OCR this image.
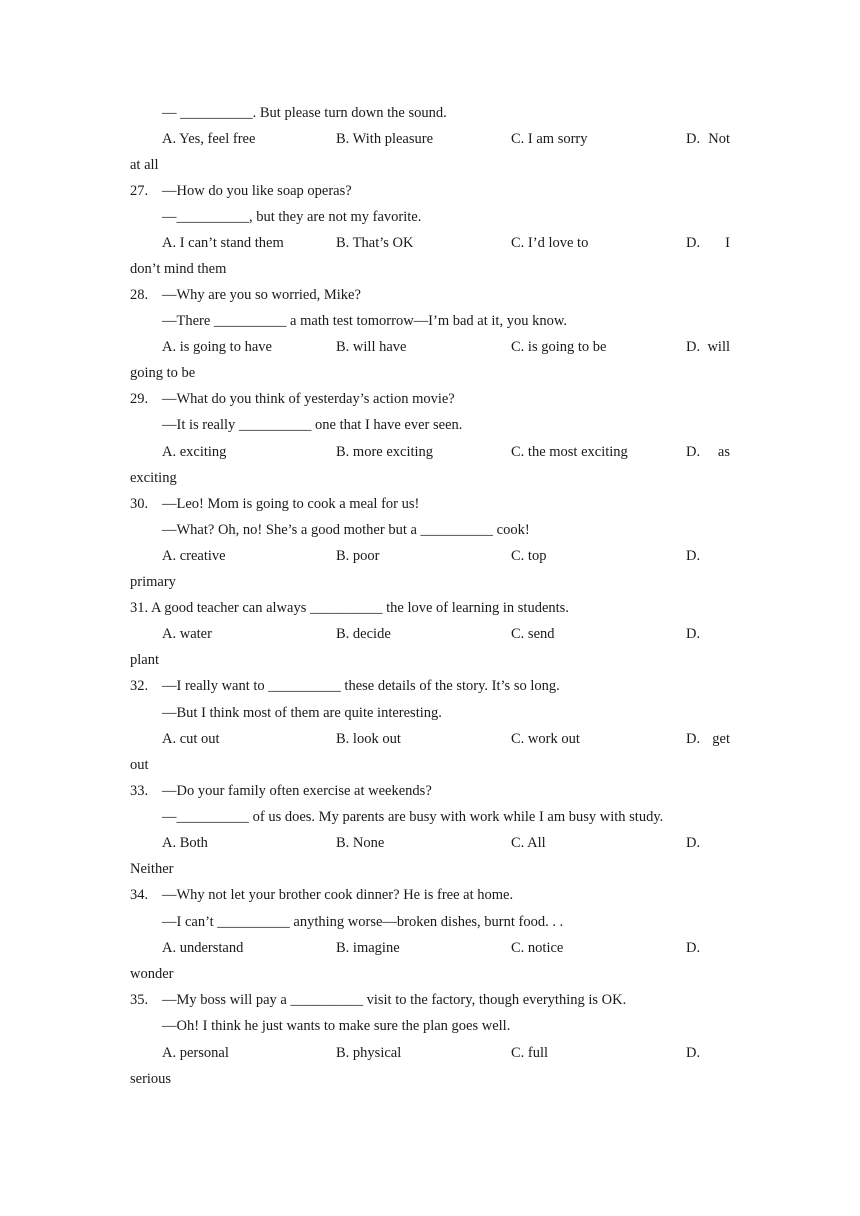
— __________. But please turn down the sound.
A. Yes, feel free	B. With pleasure	C. I am sorry	D. Not
at all
27. —How do you like soap operas?
—__________, but they are not my favorite.
A. I can’t stand them	B. That’s OK	C. I’d love to	D. I
don’t mind them
28. —Why are you so worried, Mike?
—There __________ a math test tomorrow—I’m bad at it, you know.
A. is going to have	B. will have	C. is going to be	D. will
going to be
29. —What do you think of yesterday’s action movie?
—It is really __________ one that I have ever seen.
A. exciting	B. more exciting	C. the most exciting	D. as
exciting
30. —Leo! Mom is going to cook a meal for us!
—What? Oh, no! She’s a good mother but a __________ cook!
A. creative	B. poor	C. top	D.
primary
31. A good teacher can always __________ the love of learning in students.
A. water	B. decide	C. send	D.
plant
32. —I really want to __________ these details of the story. It’s so long.
—But I think most of them are quite interesting.
A. cut out	B. look out	C. work out	D. get
out
33. —Do your family often exercise at weekends?
—__________ of us does. My parents are busy with work while I am busy with study.
A. Both	B. None	C. All	D.
Neither
34. —Why not let your brother cook dinner? He is free at home.
—I can’t __________ anything worse—broken dishes, burnt food. . .
A. understand	B. imagine	C. notice	D.
wonder
35. —My boss will pay a __________ visit to the factory, though everything is OK.
—Oh! I think he just wants to make sure the plan goes well.
A. personal	B. physical	C. full	D.
serious
